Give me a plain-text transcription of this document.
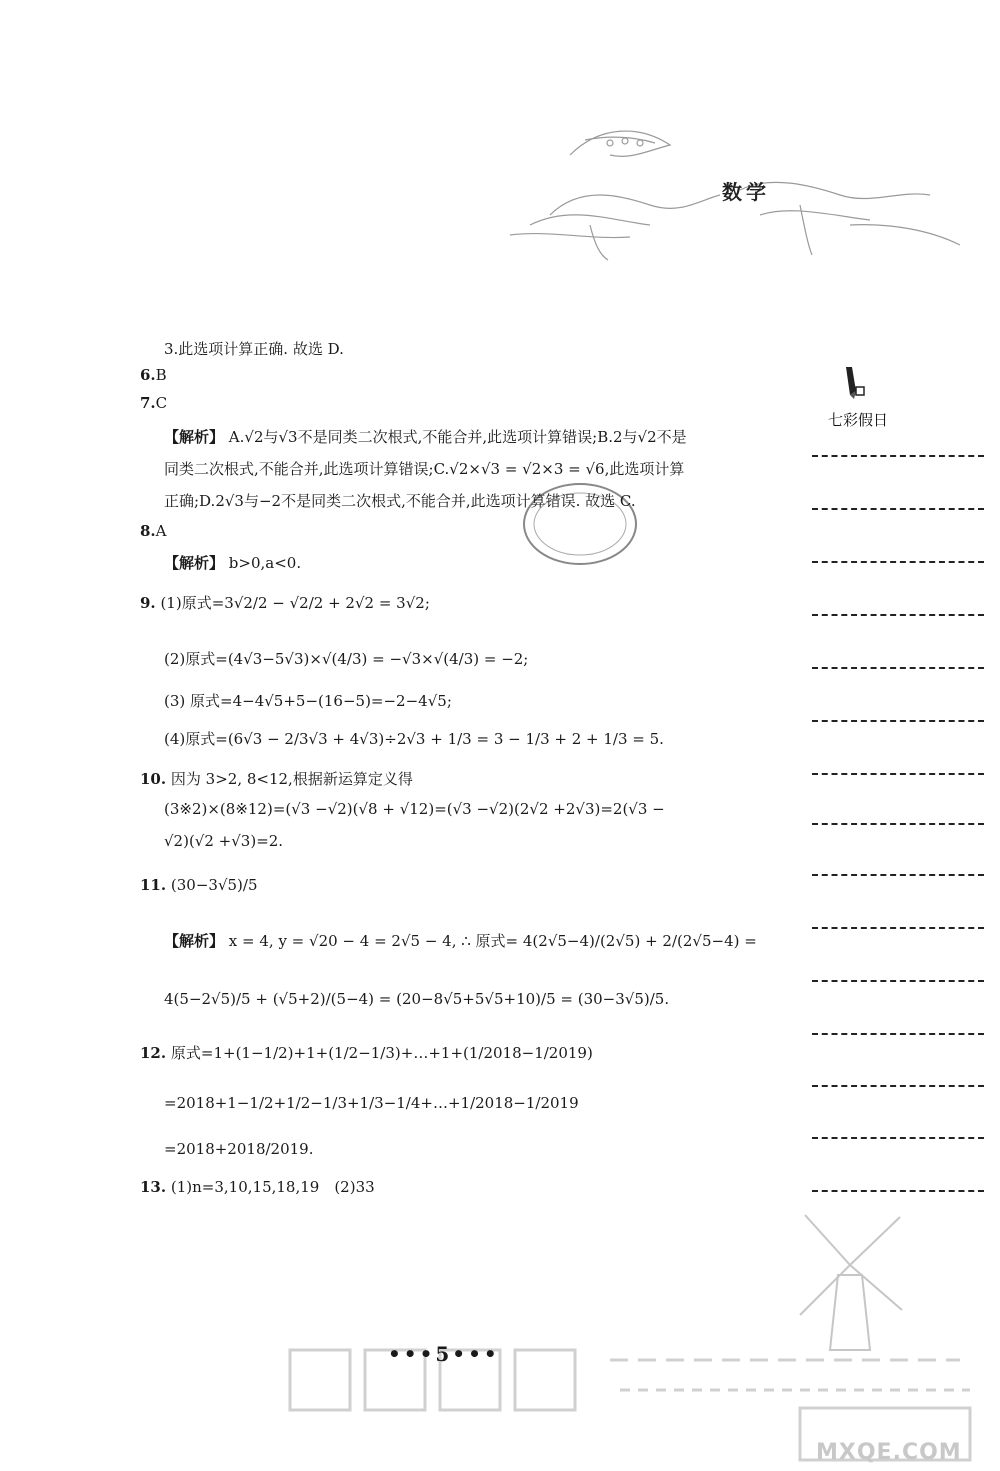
数学
七彩假日
3.此选项计算正确. 故选 D.
6.B
7.C
【解析】 A.√2与√3不是同类二次根式,不能合并,此选项计算错误;B.2与√2不是
同类二次根式,不能合并,此选项计算错误;C.√2×√3 = √2×3 = √6,此选项计算
正确;D.2√3与−2不是同类二次根式,不能合并,此选项计算错误. 故选 C.
8.A
【解析】 b>0,a<0.
9. (1)原式=3√2/2 − √2/2 + 2√2 = 3√2;
(2)原式=(4√3−5√3)×√(4/3) = −√3×√(4/3) = −2;
(3) 原式=4−4√5+5−(16−5)=−2−4√5;
(4)原式=(6√3 − 2/3√3 + 4√3)÷2√3 + 1/3 = 3 − 1/3 + 2 + 1/3 = 5.
10. 因为 3>2, 8<12,根据新运算定义得
(3※2)×(8※12)=(√3 −√2)(√8 + √12)=(√3 −√2)(2√2 +2√3)=2(√3 −
√2)(√2 +√3)=2.
11. (30−3√5)/5
【解析】 x = 4, y = √20 − 4 = 2√5 − 4, ∴ 原式= 4(2√5−4)/(2√5) + 2/(2√5−4) =
4(5−2√5)/5 + (√5+2)/(5−4) = (20−8√5+5√5+10)/5 = (30−3√5)/5.
12. 原式=1+(1−1/2)+1+(1/2−1/3)+…+1+(1/2018−1/2019)
=2018+1−1/2+1/2−1/3+1/3−1/4+…+1/2018−1/2019
=2018+2018/2019.
13. (1)n=3,10,15,18,19　(2)33
•••5•••
MXQE.COM
